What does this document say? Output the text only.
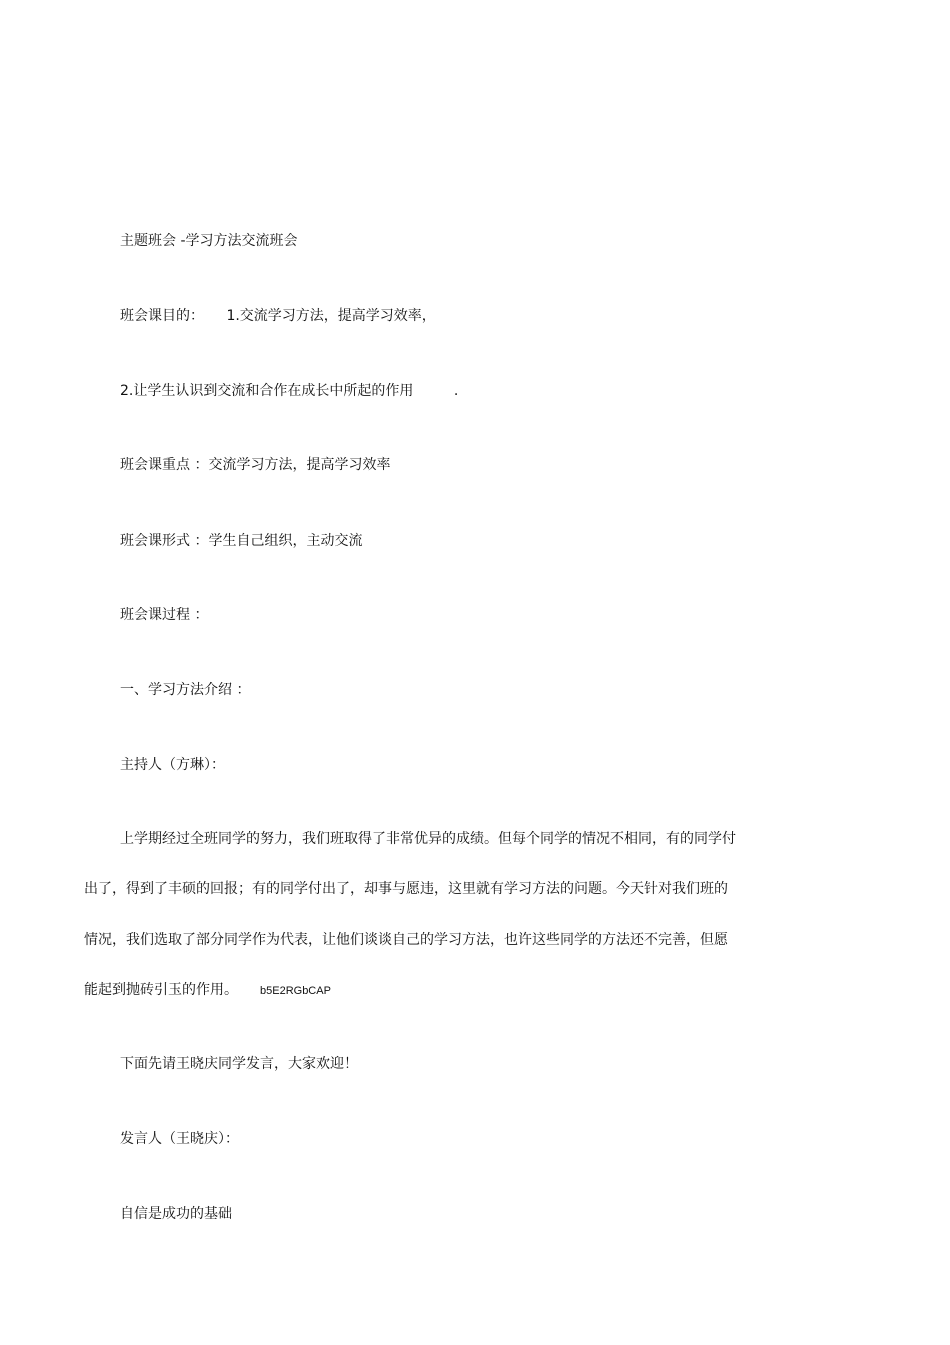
主题班会 -学习方法交流班会
班会课目的： 1.交流学习方法，提高学习效率，
2.让学生认识到交流和合作在成长中所起的作用	.
班会课重点 ：交流学习方法，提高学习效率
班会课形式 ：学生自己组织，主动交流
班会课过程 ：
一、学习方法介绍 ：
主持人（方琳）：
上学期经过全班同学的努力，我们班取得了非常优异的成绩。但每个同学的情况不相同，有的同学付
出了，得到了丰硕的回报；有的同学付出了，却事与愿违，这里就有学习方法的问题。今天针对我们班的
情况，我们选取了部分同学作为代表，让他们谈谈自己的学习方法，也许这些同学的方法还不完善，但愿
能起到抛砖引玉的作用。 b5E2RGbCAP
下面先请王晓庆同学发言，大家欢迎！
发言人（王晓庆）：
自信是成功的基础
